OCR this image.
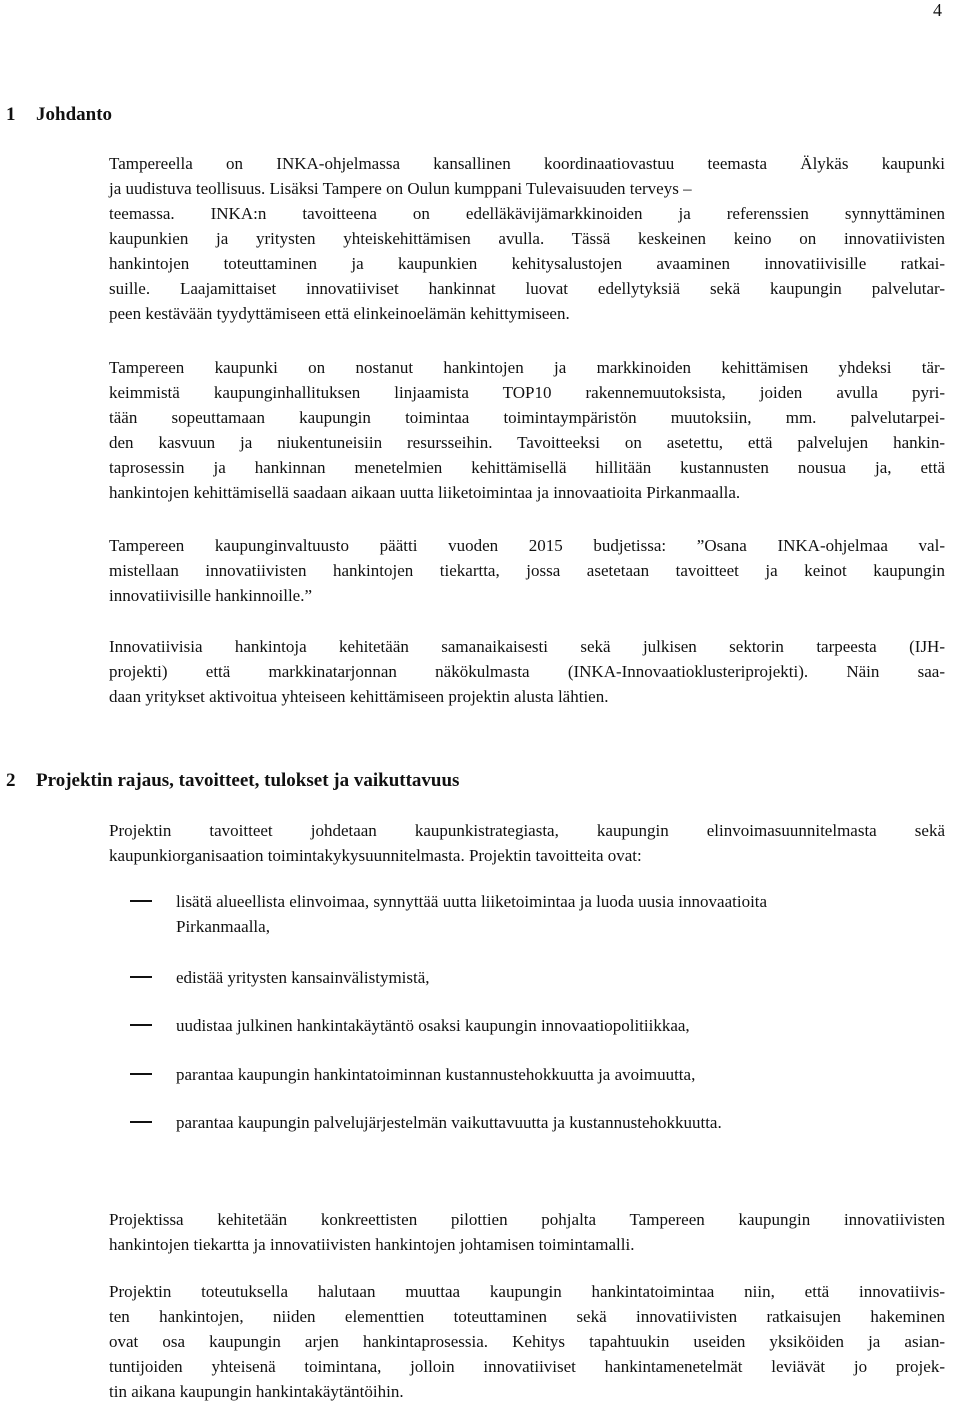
4
1 Johdanto
Tampereella on INKA-ohjelmassa kansallinen koordinaatiovastuu teemasta Älykäs kaupunki
ja uudistuva teollisuus. Lisäksi Tampere on Oulun kumppani Tulevaisuuden terveys –
teemassa. INKA:n tavoitteena on edelläkävijämarkkinoiden ja referenssien synnyttäminen
kaupunkien ja yritysten yhteiskehittämisen avulla. Tässä keskeinen keino on innovatiivisten
hankintojen toteuttaminen ja kaupunkien kehitysalustojen avaaminen innovatiivisille ratkai-
suille. Laajamittaiset innovatiiviset hankinnat luovat edellytyksiä sekä kaupungin palvelutar-
peen kestävään tyydyttämiseen että elinkeinoelämän kehittymiseen.
Tampereen kaupunki on nostanut hankintojen ja markkinoiden kehittämisen yhdeksi tär-
keimmistä kaupunginhallituksen linjaamista TOP10 rakennemuutoksista, joiden avulla pyri-
tään sopeuttamaan kaupungin toimintaa toimintaympäristön muutoksiin, mm. palvelutarpei-
den kasvuun ja niukentuneisiin resursseihin. Tavoitteeksi on asetettu, että palvelujen hankin-
taprosessin ja hankinnan menetelmien kehittämisellä hillitään kustannusten nousua ja, että
hankintojen kehittämisellä saadaan aikaan uutta liiketoimintaa ja innovaatioita Pirkanmaalla.
Tampereen kaupunginvaltuusto päätti vuoden 2015 budjetissa: ”Osana INKA-ohjelmaa val-
mistellaan innovatiivisten hankintojen tiekartta, jossa asetetaan tavoitteet ja keinot kaupungin
innovatiivisille hankinnoille.”
Innovatiivisia hankintoja kehitetään samanaikaisesti sekä julkisen sektorin tarpeesta (IJH-
projekti) että markkinatarjonnan näkökulmasta (INKA-Innovaatioklusteriprojekti). Näin saa-
daan yritykset aktivoitua yhteiseen kehittämiseen projektin alusta lähtien.
2 Projektin rajaus, tavoitteet, tulokset ja vaikuttavuus
Projektin tavoitteet johdetaan kaupunkistrategiasta, kaupungin elinvoimasuunnitelmasta sekä
kaupunkiorganisaation toimintakykysuunnitelmasta. Projektin tavoitteita ovat:
lisätä alueellista elinvoimaa, synnyttää uutta liiketoimintaa ja luoda uusia innovaatioita
Pirkanmaalla,
edistää yritysten kansainvälistymistä,
uudistaa julkinen hankintakäytäntö osaksi kaupungin innovaatiopolitiikkaa,
parantaa kaupungin hankintatoiminnan kustannustehokkuutta ja avoimuutta,
parantaa kaupungin palvelujärjestelmän vaikuttavuutta ja kustannustehokkuutta.
Projektissa kehitetään konkreettisten pilottien pohjalta Tampereen kaupungin innovatiivisten
hankintojen tiekartta ja innovatiivisten hankintojen johtamisen toimintamalli.
Projektin toteutuksella halutaan muuttaa kaupungin hankintatoimintaa niin, että innovatiivis-
ten hankintojen, niiden elementtien toteuttaminen sekä innovatiivisten ratkaisujen hakeminen
ovat osa kaupungin arjen hankintaprosessia. Kehitys tapahtuukin useiden yksiköiden ja asian-
tuntijoiden yhteisenä toimintana, jolloin innovatiiviset hankintamenetelmät leviävät jo projek-
tin aikana kaupungin hankintakäytäntöihin.
